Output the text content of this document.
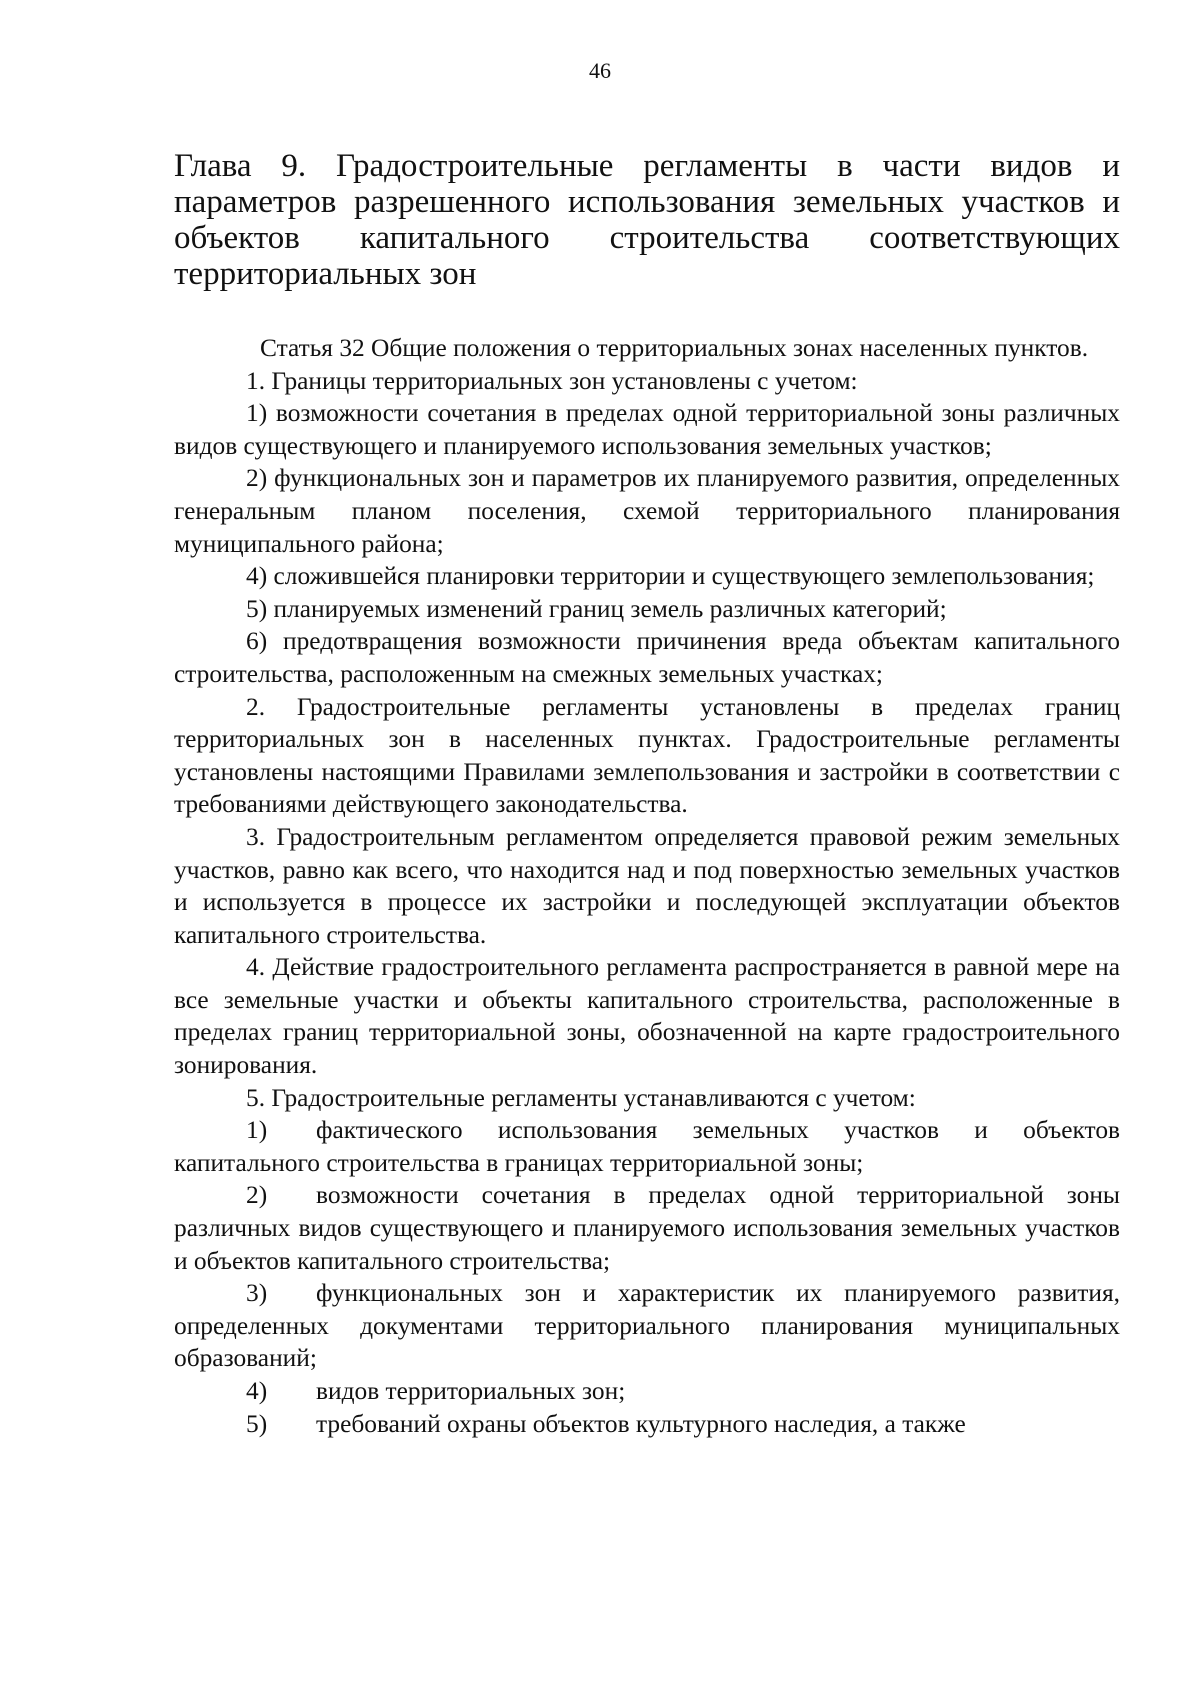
46
Глава 9. Градостроительные регламенты в части видов и параметров разрешенного использования земельных участков и объектов капитального строительства соответствующих территориальных зон

Статья 32 Общие положения о территориальных зонах населенных пунктов.

1. Границы территориальных зон установлены с учетом:

1) возможности сочетания в пределах одной территориальной зоны различных видов существующего и планируемого использования земельных участков;

2) функциональных зон и параметров их планируемого развития, определенных генеральным планом поселения, схемой территориального планирования муниципального района;

4) сложившейся планировки территории и существующего землепользования;

5) планируемых изменений границ земель различных категорий;

6) предотвращения возможности причинения вреда объектам капитального строительства, расположенным на смежных земельных участках;

2. Градостроительные регламенты установлены в пределах границ территориальных зон в населенных пунктах. Градостроительные регламенты установлены настоящими Правилами землепользования и застройки в соответствии с требованиями действующего законодательства.

3. Градостроительным регламентом определяется правовой режим земельных участков, равно как всего, что находится над и под поверхностью земельных участков и используется в процессе их застройки и последующей эксплуатации объектов капитального строительства.

4. Действие градостроительного регламента распространяется в равной мере на все земельные участки и объекты капитального строительства, расположенные в пределах границ территориальной зоны, обозначенной на карте градостроительного зонирования.

5. Градостроительные регламенты устанавливаются с учетом:

1) фактического использования земельных участков и объектов капитального строительства в границах территориальной зоны;

2) возможности сочетания в пределах одной территориальной зоны различных видов существующего и планируемого использования земельных участков и объектов капитального строительства;

3) функциональных зон и характеристик их планируемого развития, определенных документами территориального планирования муниципальных образований;

4) видов территориальных зон;

5) требований охраны объектов культурного наследия, а также
